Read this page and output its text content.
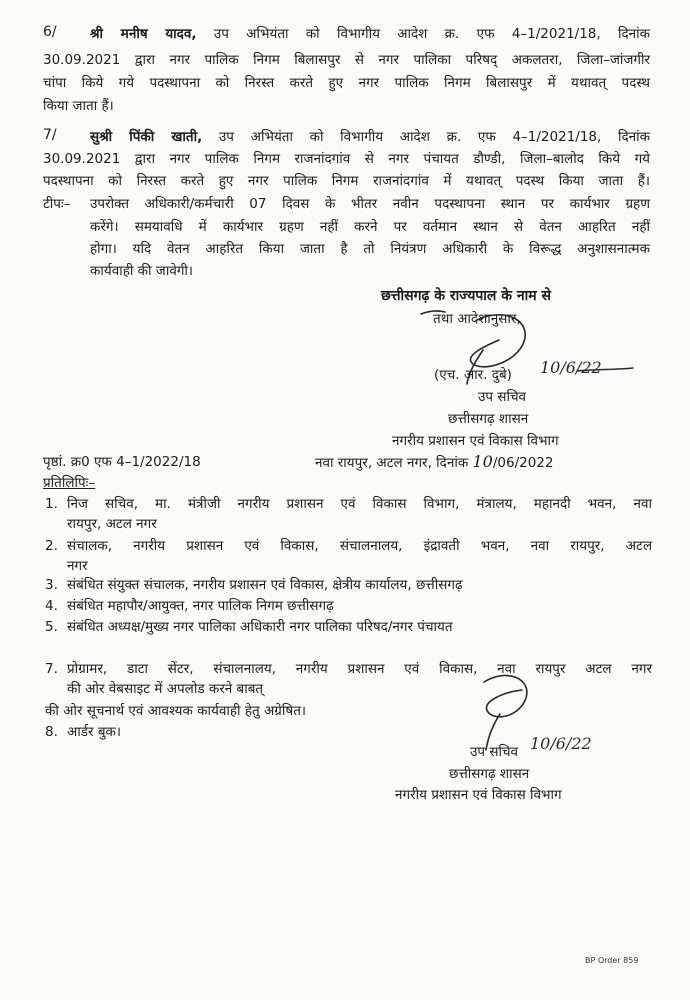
6/ श्री मनीष यादव, उप अभियंता को विभागीय आदेश क्र. एफ 4–1/2021/18, दिनांक
30.09.2021 द्वारा नगर पालिक निगम बिलासपुर से नगर पालिका परिषद् अकलतरा, जिला–जांजगीर
चांपा किये गये पदस्थापना को निरस्त करते हुए नगर पालिक निगम बिलासपुर में यथावत् पदस्थ
किया जाता हैं।
7/ सुश्री पिंकी खाती, उप अभियंता को विभागीय आदेश क्र. एफ 4–1/2021/18, दिनांक
30.09.2021 द्वारा नगर पालिक निगम राजनांदगांव से नगर पंचायत डौण्डी, जिला–बालोद किये गये
पदस्थापना को निरस्त करते हुए नगर पालिक निगम राजनांदगांव में यथावत् पदस्थ किया जाता हैं।
टीपः– उपरोक्त अधिकारी/कर्मचारी 07 दिवस के भीतर नवीन पदस्थापना स्थान पर कार्यभार ग्रहण
करेंगे। समयावधि में कार्यभार ग्रहण नहीं करने पर वर्तमान स्थान से वेतन आहरित नहीं
होगा। यदि वेतन आहरित किया जाता है तो नियंत्रण अधिकारी के विरूद्ध अनुशासनात्मक
कार्यवाही की जावेगी।
छत्तीसगढ़ के राज्यपाल के नाम से
तथा आदेशानुसार,
(एच. आर. दुबे) 10/6/22
उप सचिव
छत्तीसगढ़ शासन
नगरीय प्रशासन एवं विकास विभाग
पृष्ठां. क्र0 एफ 4–1/2022/18	नवा रायपुर, अटल नगर, दिनांक 10/06/2022
प्रतिलिपिः–
1. निज सचिव, मा. मंत्रीजी नगरीय प्रशासन एवं विकास विभाग, मंत्रालय, महानदी भवन, नवा
रायपुर, अटल नगर
2. संचालक, नगरीय प्रशासन एवं विकास, संचालनालय, इंद्रावती भवन, नवा रायपुर, अटल
नगर
3. संबंधित संयुक्त संचालक, नगरीय प्रशासन एवं विकास, क्षेत्रीय कार्यालय, छत्तीसगढ़
4. संबंधित महापौर/आयुक्त, नगर पालिक निगम छत्तीसगढ़
5. संबंधित अध्यक्ष/मुख्य नगर पालिका अधिकारी नगर पालिका परिषद/नगर पंचायत
7. प्रोग्रामर, डाटा सेंटर, संचालनालय, नगरीय प्रशासन एवं विकास, नवा रायपुर अटल नगर
की ओर वेबसाइट में अपलोड करने बाबत्
की ओर सूचनार्थ एवं आवश्यक कार्यवाही हेतु अग्रेषित।
8. आर्डर बुक।
उप सचिव 10/6/22
छत्तीसगढ़ शासन
नगरीय प्रशासन एवं विकास विभाग
BP Order 859
